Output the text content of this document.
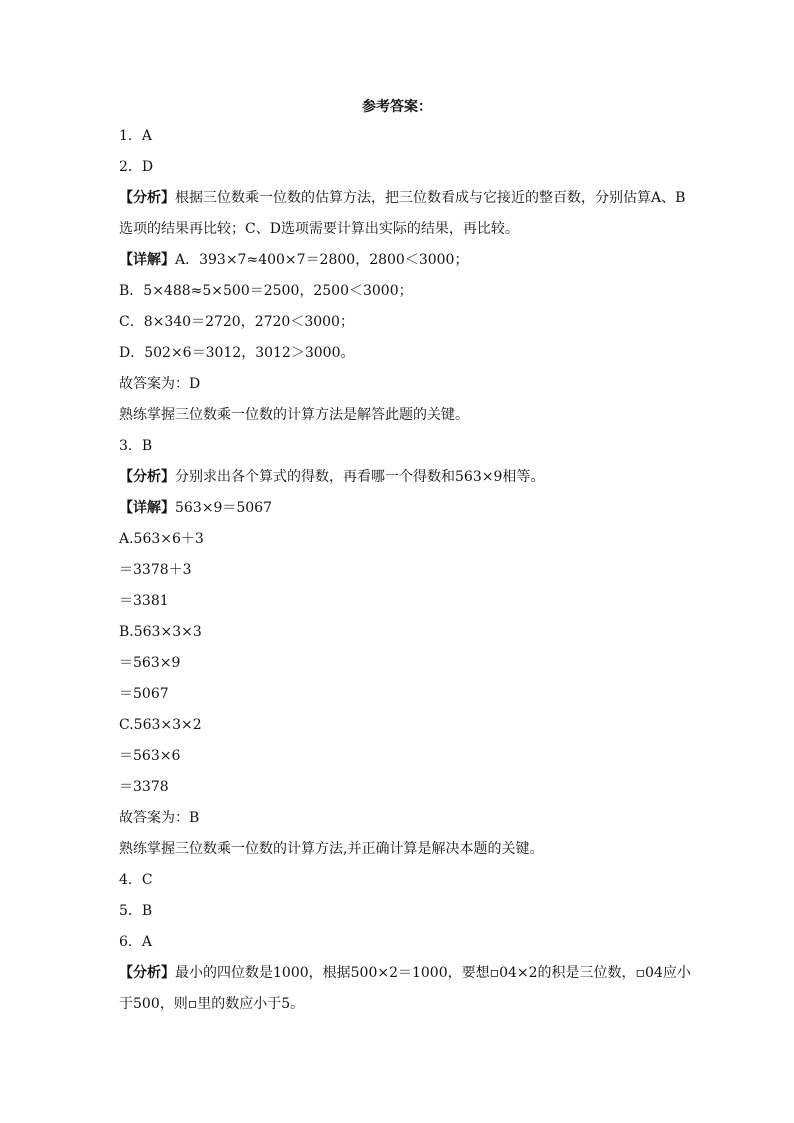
参考答案：
1．A
2．D
【分析】根据三位数乘一位数的估算方法，把三位数看成与它接近的整百数，分别估算A、B选项的结果再比较；C、D选项需要计算出实际的结果，再比较。
【详解】A．393×7≈400×7＝2800，2800＜3000；
B．5×488≈5×500＝2500，2500＜3000；
C．8×340＝2720，2720＜3000；
D．502×6＝3012，3012＞3000。
故答案为：D
熟练掌握三位数乘一位数的计算方法是解答此题的关键。
3．B
【分析】分别求出各个算式的得数，再看哪一个得数和563×9相等。
【详解】563×9＝5067
A.563×6＋3
＝3378＋3
＝3381
B.563×3×3
＝563×9
＝5067
C.563×3×2
＝563×6
＝3378
故答案为：B
熟练掌握三位数乘一位数的计算方法,并正确计算是解决本题的关键。
4．C
5．B
6．A
【分析】最小的四位数是1000，根据500×2＝1000，要想▫04×2的积是三位数，▫04应小于500，则▫里的数应小于5。
